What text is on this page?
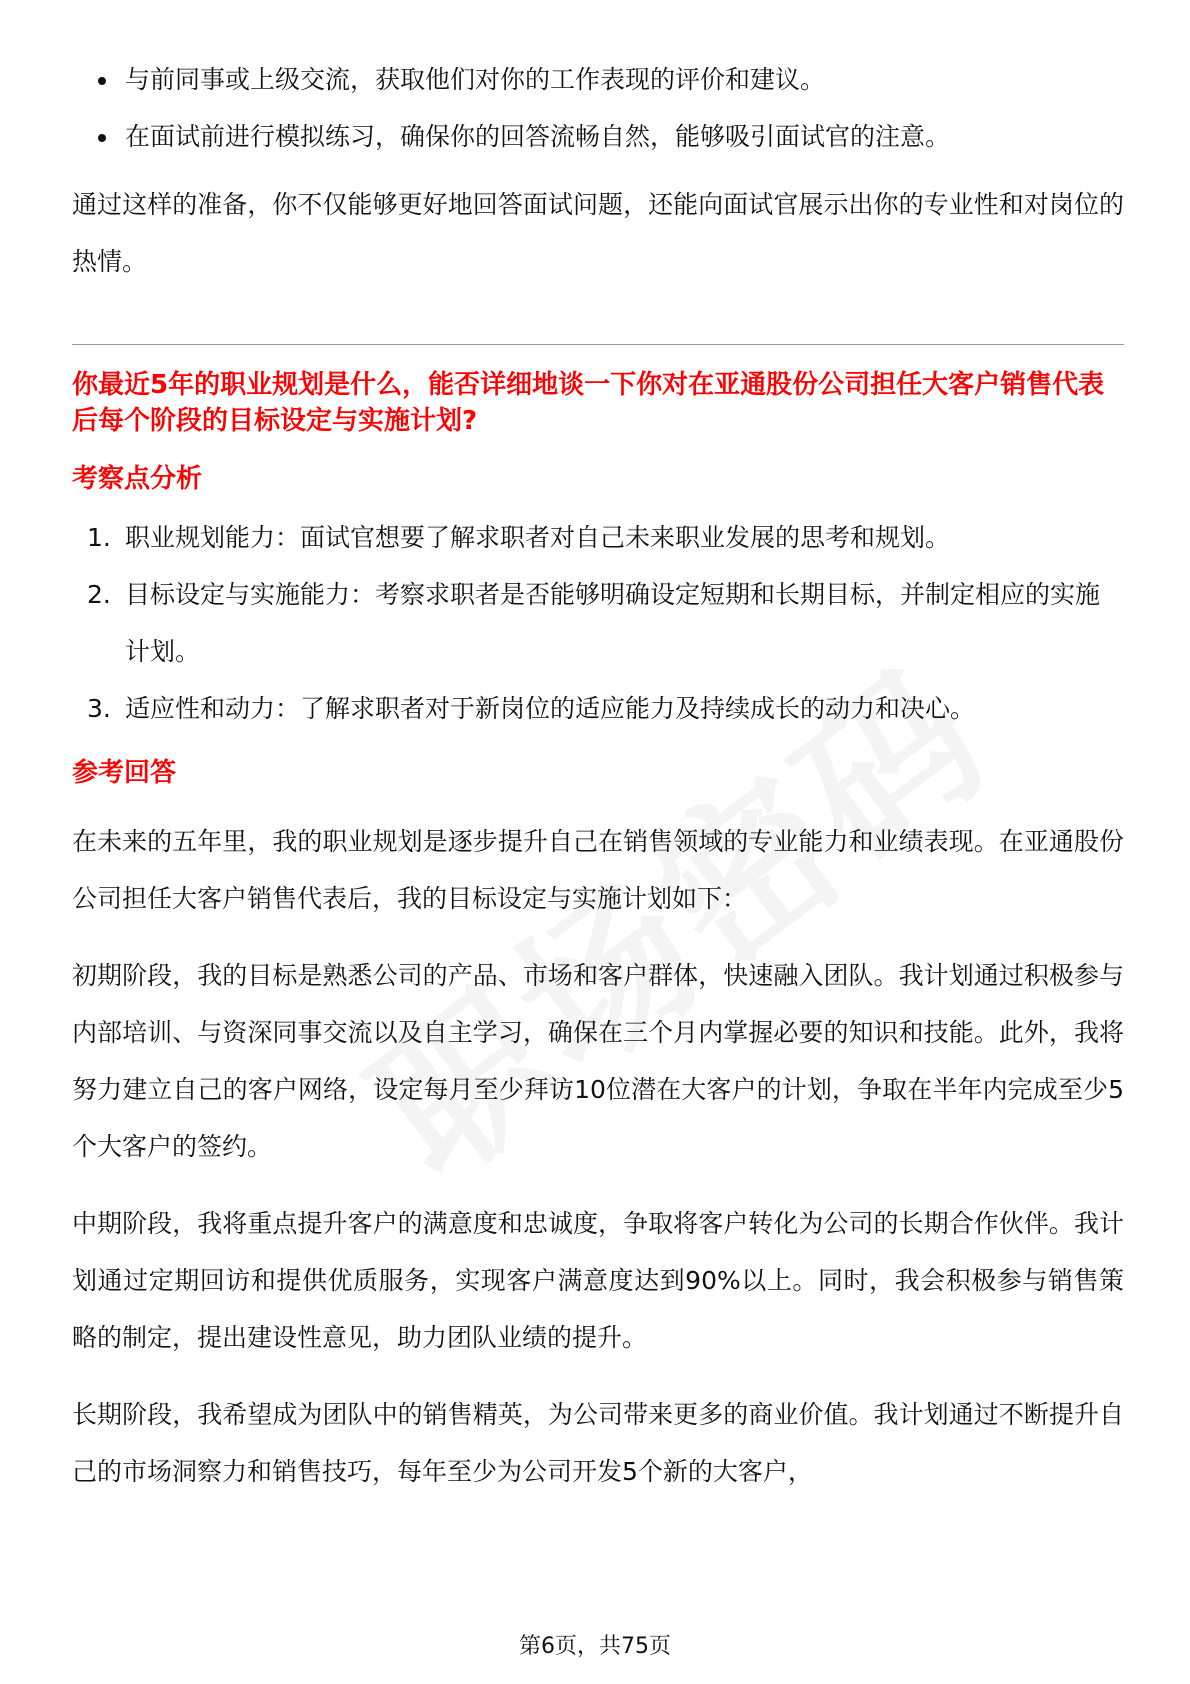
与前同事或上级交流，获取他们对你的工作表现的评价和建议。
在面试前进行模拟练习，确保你的回答流畅自然，能够吸引面试官的注意。

通过这样的准备，你不仅能够更好地回答面试问题，还能向面试官展示出你的专业性和对岗位的热情。

你最近5年的职业规划是什么，能否详细地谈一下你对在亚通股份公司担任大客户销售代表后每个阶段的目标设定与实施计划?
考察点分析
1. 职业规划能力：面试官想要了解求职者对自己未来职业发展的思考和规划。
2. 目标设定与实施能力：考察求职者是否能够明确设定短期和长期目标，并制定相应的实施计划。
3. 适应性和动力：了解求职者对于新岗位的适应能力及持续成长的动力和决心。
参考回答

在未来的五年里，我的职业规划是逐步提升自己在销售领域的专业能力和业绩表现。在亚通股份公司担任大客户销售代表后，我的目标设定与实施计划如下：

初期阶段，我的目标是熟悉公司的产品、市场和客户群体，快速融入团队。我计划通过积极参与内部培训、与资深同事交流以及自主学习，确保在三个月内掌握必要的知识和技能。此外，我将努力建立自己的客户网络，设定每月至少拜访10位潜在大客户的计划，争取在半年内完成至少5个大客户的签约。

中期阶段，我将重点提升客户的满意度和忠诚度，争取将客户转化为公司的长期合作伙伴。我计划通过定期回访和提供优质服务，实现客户满意度达到90%以上。同时，我会积极参与销售策略的制定，提出建设性意见，助力团队业绩的提升。

长期阶段，我希望成为团队中的销售精英，为公司带来更多的商业价值。我计划通过不断提升自己的市场洞察力和销售技巧，每年至少为公司开发5个新的大客户，

第6页，共75页
